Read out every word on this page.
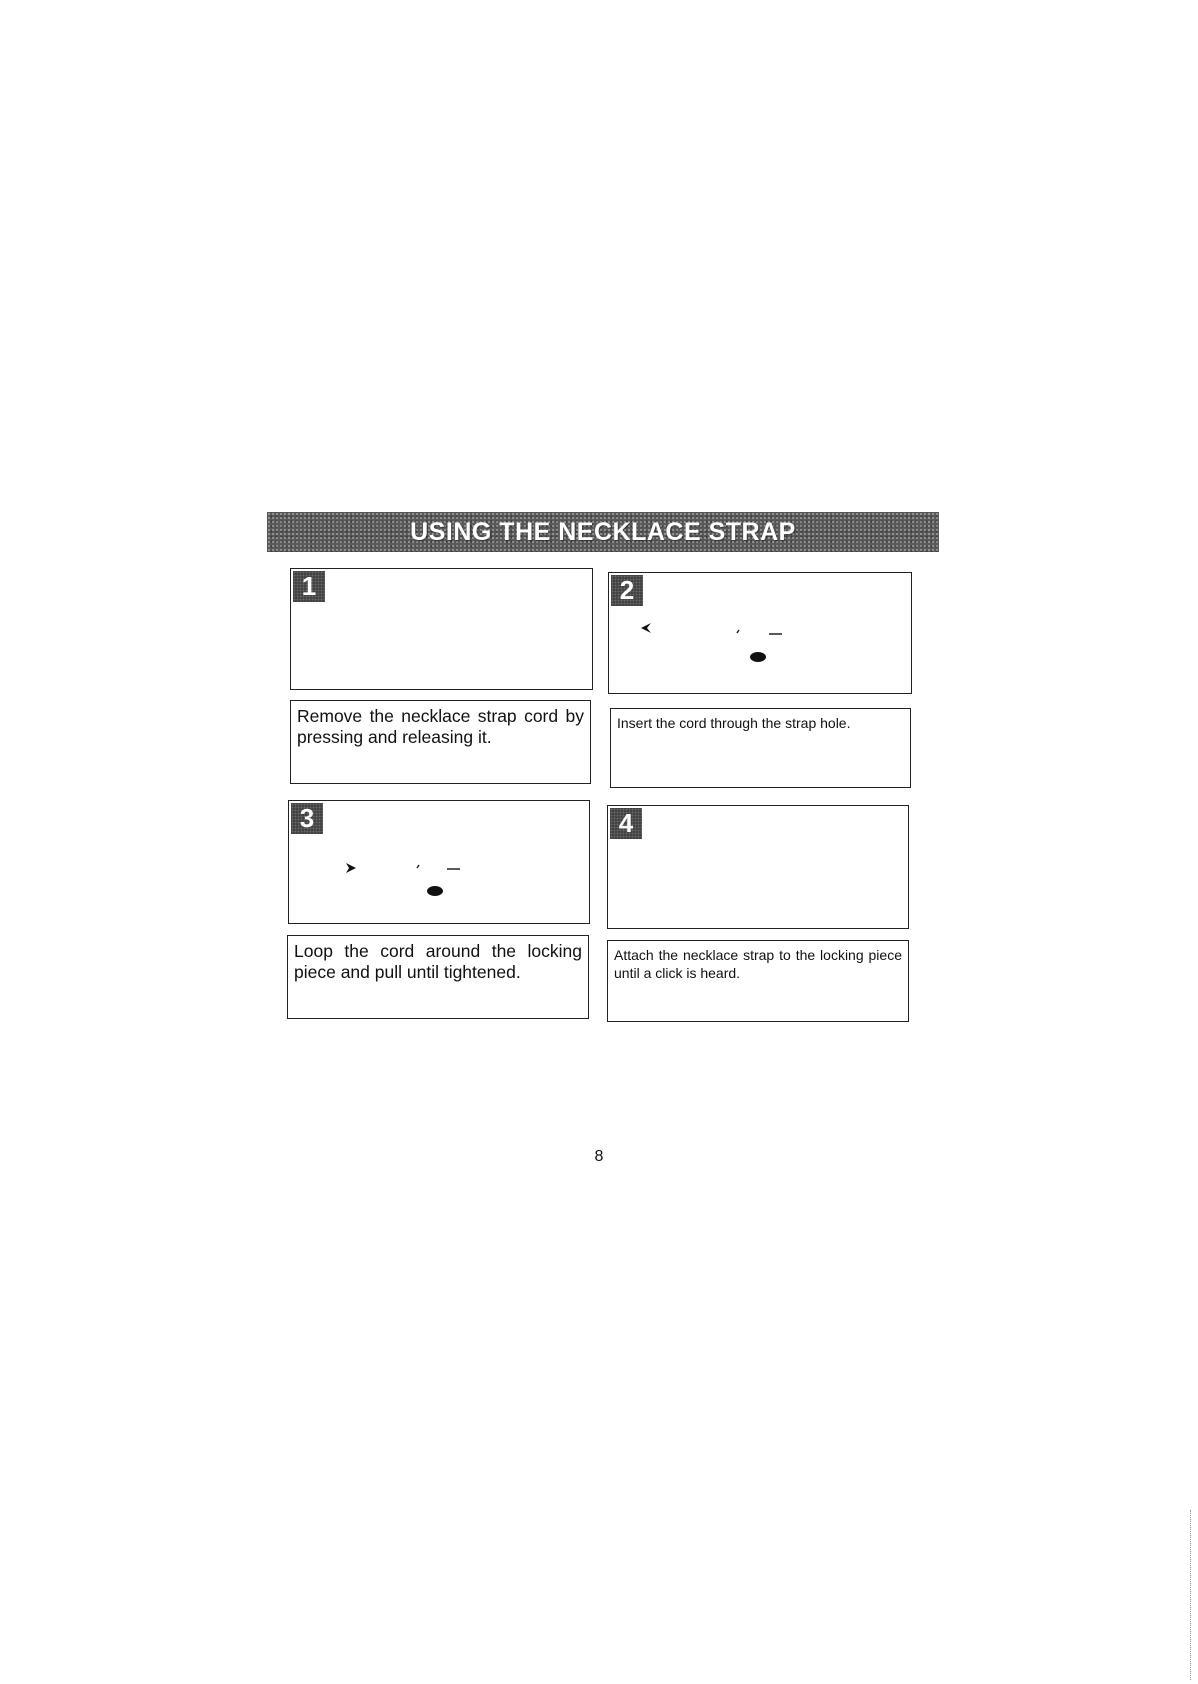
USING THE NECKLACE STRAP
1
Remove the necklace strap cord by pressing and releasing it.
2
Insert the cord through the strap hole.
3
Loop the cord around the locking piece and pull until tightened.
4
Attach the necklace strap to the locking piece until a click is heard.
8
